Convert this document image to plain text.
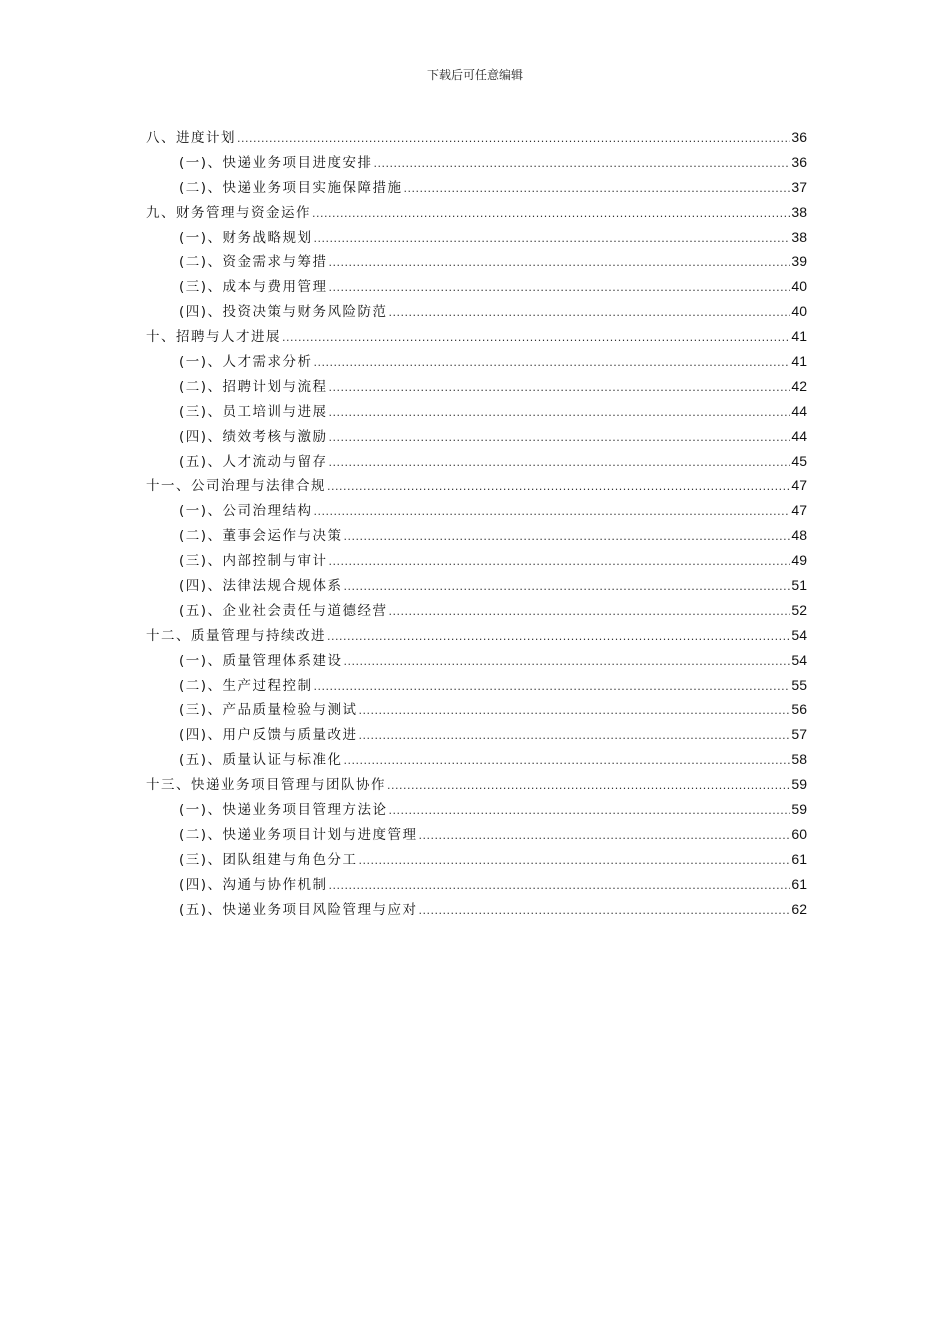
下载后可任意编辑
八、进度计划 .....	36
(一)、快递业务项目进度安排 .....	36
(二)、快递业务项目实施保障措施 .....	37
九、财务管理与资金运作 .....	38
(一)、财务战略规划 .....	38
(二)、资金需求与筹措 .....	39
(三)、成本与费用管理 .....	40
(四)、投资决策与财务风险防范 .....	40
十、招聘与人才进展 .....	41
(一)、人才需求分析 .....	41
(二)、招聘计划与流程 .....	42
(三)、员工培训与进展 .....	44
(四)、绩效考核与激励 .....	44
(五)、人才流动与留存 .....	45
十一、公司治理与法律合规 .....	47
(一)、公司治理结构 .....	47
(二)、董事会运作与决策 .....	48
(三)、内部控制与审计 .....	49
(四)、法律法规合规体系 .....	51
(五)、企业社会责任与道德经营 .....	52
十二、质量管理与持续改进 .....	54
(一)、质量管理体系建设 .....	54
(二)、生产过程控制 .....	55
(三)、产品质量检验与测试 .....	56
(四)、用户反馈与质量改进 .....	57
(五)、质量认证与标准化 .....	58
十三、快递业务项目管理与团队协作 .....	59
(一)、快递业务项目管理方法论 .....	59
(二)、快递业务项目计划与进度管理 .....	60
(三)、团队组建与角色分工 .....	61
(四)、沟通与协作机制 .....	61
(五)、快递业务项目风险管理与应对 .....	62
